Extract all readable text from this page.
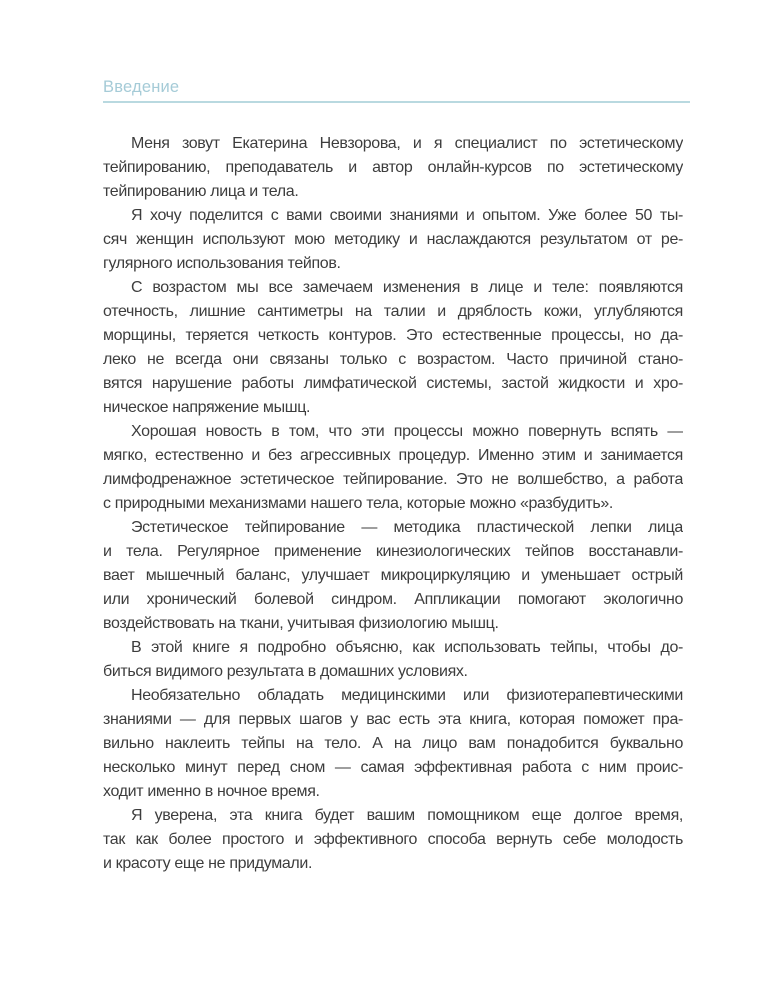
Введение
Меня зовут Екатерина Невзорова, и я специалист по эстетическому
тейпированию, преподаватель и автор онлайн-курсов по эстетическому
тейпированию лица и тела.
Я хочу поделится с вами своими знаниями и опытом. Уже более 50 ты-
сяч женщин используют мою методику и наслаждаются результатом от ре-
гулярного использования тейпов.
С возрастом мы все замечаем изменения в лице и теле: появляются
отечность, лишние сантиметры на талии и дряблость кожи, углубляются
морщины, теряется четкость контуров. Это естественные процессы, но да-
леко не всегда они связаны только с возрастом. Часто причиной стано-
вятся нарушение работы лимфатической системы, застой жидкости и хро-
ническое напряжение мышц.
Хорошая новость в том, что эти процессы можно повернуть вспять —
мягко, естественно и без агрессивных процедур. Именно этим и занимается
лимфодренажное эстетическое тейпирование. Это не волшебство, а работа
с природными механизмами нашего тела, которые можно «разбудить».
Эстетическое тейпирование — методика пластической лепки лица
и тела. Регулярное применение кинезиологических тейпов восстанавли-
вает мышечный баланс, улучшает микроциркуляцию и уменьшает острый
или хронический болевой синдром. Аппликации помогают экологично
воздействовать на ткани, учитывая физиологию мышц.
В этой книге я подробно объясню, как использовать тейпы, чтобы до-
биться видимого результата в домашних условиях.
Необязательно обладать медицинскими или физиотерапевтическими
знаниями — для первых шагов у вас есть эта книга, которая поможет пра-
вильно наклеить тейпы на тело. А на лицо вам понадобится буквально
несколько минут перед сном — самая эффективная работа с ним проис-
ходит именно в ночное время.
Я уверена, эта книга будет вашим помощником еще долгое время,
так как более простого и эффективного способа вернуть себе молодость
и красоту еще не придумали.
